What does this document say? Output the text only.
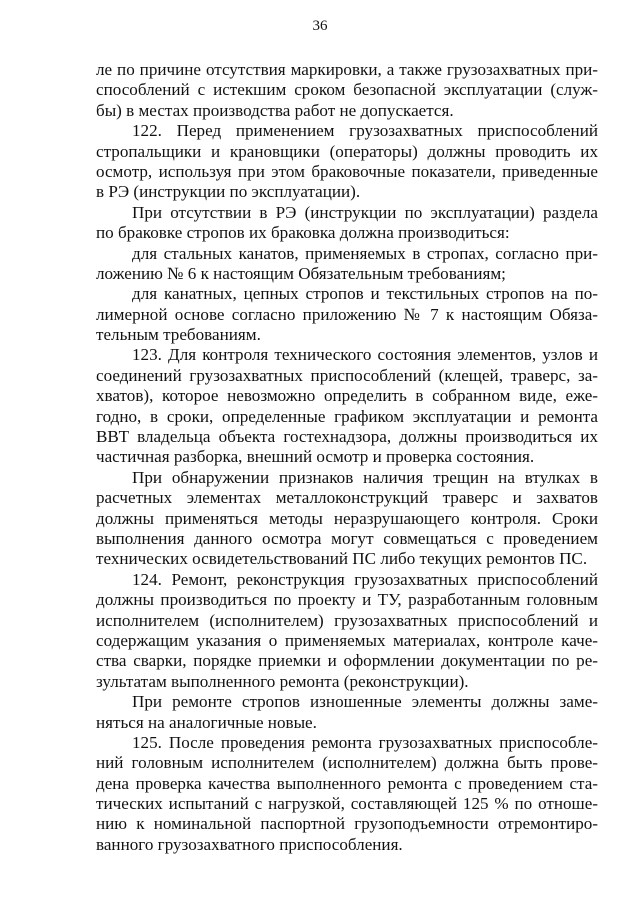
36
ле по причине отсутствия маркировки, а также грузозахватных при-
способлений с истекшим сроком безопасной эксплуатации (служ-
бы) в местах производства работ не допускается.
122. Перед применением грузозахватных приспособлений
стропальщики и крановщики (операторы) должны проводить их
осмотр, используя при этом браковочные показатели, приведенные
в РЭ (инструкции по эксплуатации).
При отсутствии в РЭ (инструкции по эксплуатации) раздела
по браковке стропов их браковка должна производиться:
для стальных канатов, применяемых в стропах, согласно при-
ложению № 6 к настоящим Обязательным требованиям;
для канатных, цепных стропов и текстильных стропов на по-
лимерной основе согласно приложению № 7 к настоящим Обяза-
тельным требованиям.
123. Для контроля технического состояния элементов, узлов и
соединений грузозахватных приспособлений (клещей, траверс, за-
хватов), которое невозможно определить в собранном виде, еже-
годно, в сроки, определенные графиком эксплуатации и ремонта
ВВТ владельца объекта гостехнадзора, должны производиться их
частичная разборка, внешний осмотр и проверка состояния.
При обнаружении признаков наличия трещин на втулках в
расчетных элементах металлоконструкций траверс и захватов
должны применяться методы неразрушающего контроля. Сроки
выполнения данного осмотра могут совмещаться с проведением
технических освидетельствований ПС либо текущих ремонтов ПС.
124. Ремонт, реконструкция грузозахватных приспособлений
должны производиться по проекту и ТУ, разработанным головным
исполнителем (исполнителем) грузозахватных приспособлений и
содержащим указания о применяемых материалах, контроле каче-
ства сварки, порядке приемки и оформлении документации по ре-
зультатам выполненного ремонта (реконструкции).
При ремонте стропов изношенные элементы должны заме-
няться на аналогичные новые.
125. После проведения ремонта грузозахватных приспособле-
ний головным исполнителем (исполнителем) должна быть прове-
дена проверка качества выполненного ремонта с проведением ста-
тических испытаний с нагрузкой, составляющей 125 % по отноше-
нию к номинальной паспортной грузоподъемности отремонтиро-
ванного грузозахватного приспособления.
